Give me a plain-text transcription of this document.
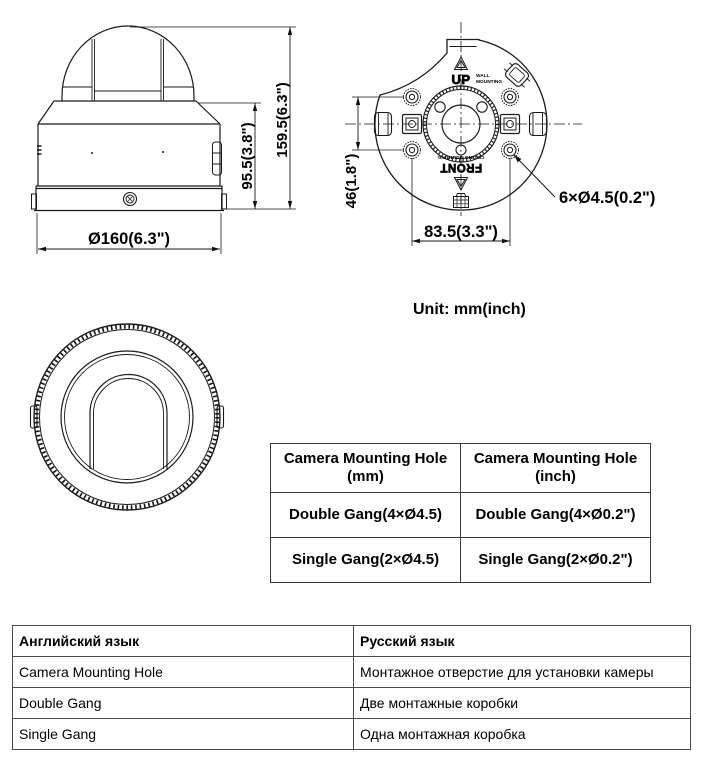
95.5(3.8") 159.5(6.3")
Ø160(6.3")
UP WALL
MOUNTING
CEILING MOUNTING
FRONT
46(1.8")
83.5(3.3")
6×Ø4.5(0.2")
Unit: mm(inch)
Camera Mounting Hole (mm)	Camera Mounting Hole (inch)
Double Gang(4×Ø4.5)	Double Gang(4×Ø0.2")
Single Gang(2×Ø4.5)	Single Gang(2×Ø0.2")
Английский язык	Русский язык
Camera Mounting Hole	Монтажное отверстие для установки камеры
Double Gang	Две монтажные коробки
Single Gang	Одна монтажная коробка
